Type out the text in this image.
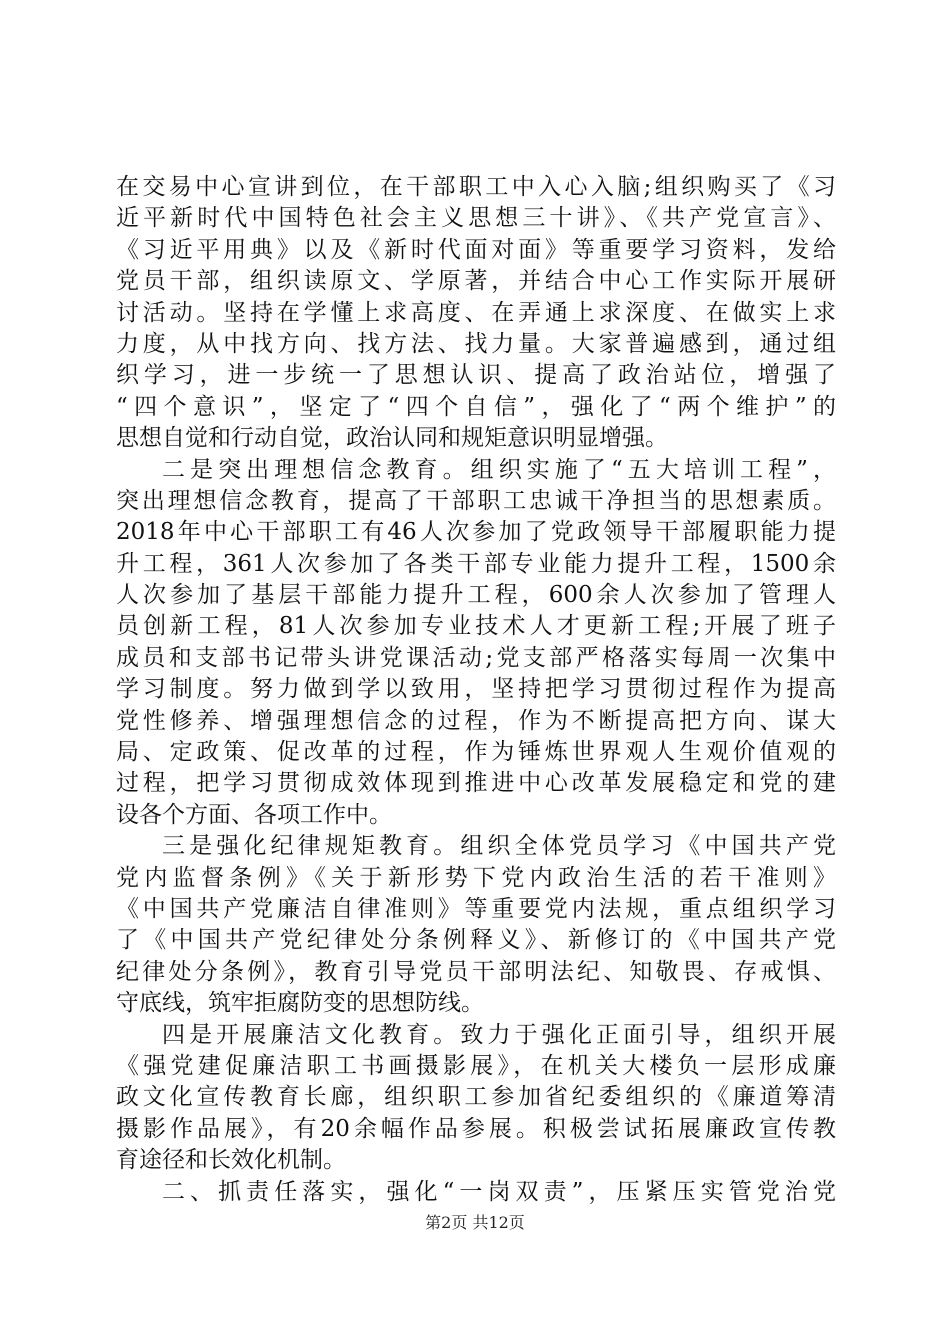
在交易中心宣讲到位，在干部职工中入心入脑;组织购买了《习
近平新时代中国特色社会主义思想三十讲》、《共产党宣言》、
《习近平用典》以及《新时代面对面》等重要学习资料，发给
党员干部，组织读原文、学原著，并结合中心工作实际开展研
讨活动。坚持在学懂上求高度、在弄通上求深度、在做实上求
力度，从中找方向、找方法、找力量。大家普遍感到，通过组
织学习，进一步统一了思想认识、提高了政治站位，增强了
“四个意识”，坚定了“四个自信”，强化了“两个维护”的
思想自觉和行动自觉，政治认同和规矩意识明显增强。
二是突出理想信念教育。组织实施了“五大培训工程”，
突出理想信念教育，提高了干部职工忠诚干净担当的思想素质。
2018年中心干部职工有46人次参加了党政领导干部履职能力提
升工程，361人次参加了各类干部专业能力提升工程，1500余
人次参加了基层干部能力提升工程，600余人次参加了管理人
员创新工程，81人次参加专业技术人才更新工程;开展了班子
成员和支部书记带头讲党课活动;党支部严格落实每周一次集中
学习制度。努力做到学以致用，坚持把学习贯彻过程作为提高
党性修养、增强理想信念的过程，作为不断提高把方向、谋大
局、定政策、促改革的过程，作为锤炼世界观人生观价值观的
过程，把学习贯彻成效体现到推进中心改革发展稳定和党的建
设各个方面、各项工作中。
三是强化纪律规矩教育。组织全体党员学习《中国共产党
党内监督条例》《关于新形势下党内政治生活的若干准则》
《中国共产党廉洁自律准则》等重要党内法规，重点组织学习
了《中国共产党纪律处分条例释义》、新修订的《中国共产党
纪律处分条例》，教育引导党员干部明法纪、知敬畏、存戒惧、
守底线，筑牢拒腐防变的思想防线。
四是开展廉洁文化教育。致力于强化正面引导，组织开展
《强党建促廉洁职工书画摄影展》，在机关大楼负一层形成廉
政文化宣传教育长廊，组织职工参加省纪委组织的《廉道筹清
摄影作品展》，有20余幅作品参展。积极尝试拓展廉政宣传教
育途径和长效化机制。
二、抓责任落实，强化“一岗双责”，压紧压实管党治党
第2页 共12页
